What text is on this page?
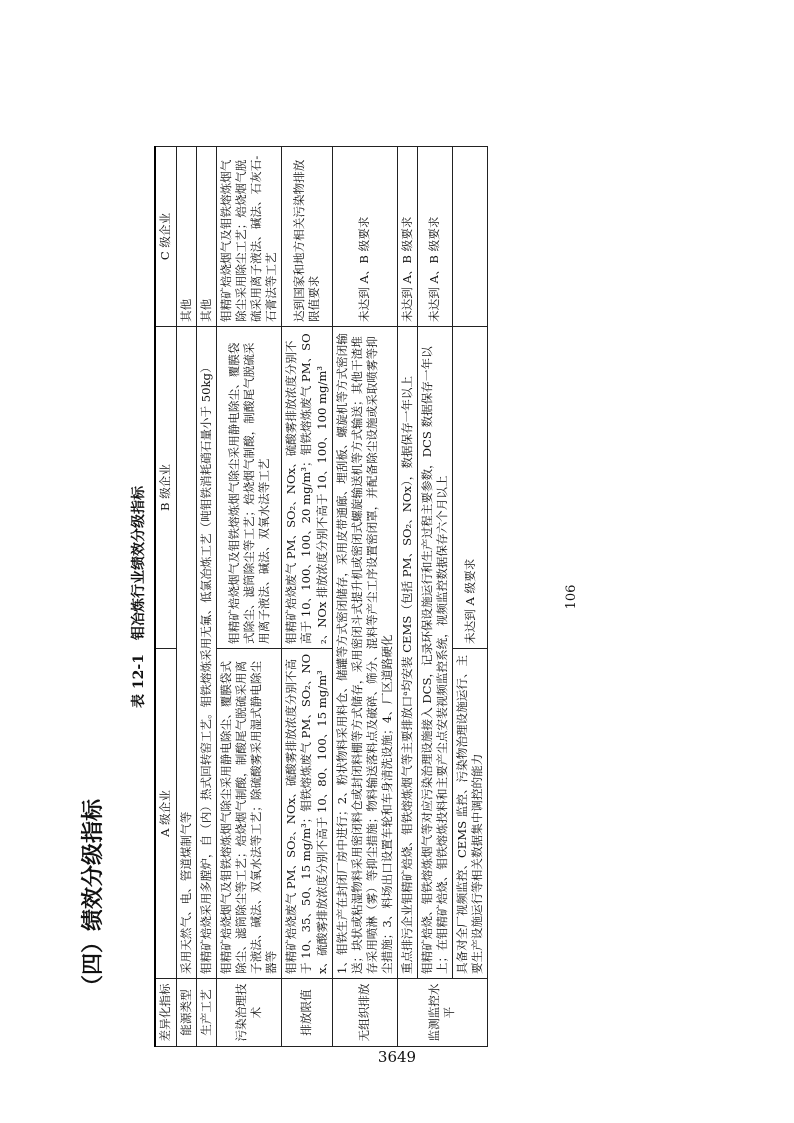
（四）绩效分级指标
表 12-1　钼冶炼行业绩效分级指标
差异化指标	A 级企业	B 级企业	C 级企业
能源类型	采用天然气、电、管道煤制气等		其他
生产工艺	钼精矿焙烧采用多膛炉，自（内）热式回转窑工艺。钼铁熔炼采用无氟、低氯冶炼工艺（吨钼铁消耗硝石量小于 50kg）		其他
污染治理技术	钼精矿焙烧烟气及钼铁熔炼烟气除尘采用静电除尘、覆膜袋式除尘、滤筒除尘等工艺；焙烧烟气制酸，制酸尾气脱硫采用离子液法、碱法、双氧水法等工艺；除硫酸雾采用湿式静电除尘器等	钼精矿焙烧烟气及钼铁熔炼烟气除尘采用静电除尘、覆膜袋式除尘、滤筒除尘等工艺；焙烧烟气制酸，制酸尾气脱硫采用离子液法、碱法、双氧水法等工艺	钼精矿焙烧烟气及钼铁熔炼烟气除尘采用除尘工艺；焙烧烟气脱硫采用离子液法、碱法、石灰石-石膏法等工艺
排放限值	钼精矿焙烧废气 PM、SO₂、NOx、硫酸雾排放浓度分别不高于 10、35、50、15 mg/m³；钼铁熔炼废气 PM、SO₂、NOx、硫酸雾排放浓度分别不高于 10、80、100、15 mg/m³	钼精矿焙烧废气 PM、SO₂、NOx、硫酸雾排放浓度分别不高于 10、100、100、20 mg/m³；钼铁熔炼废气 PM、SO₂、NOx 排放浓度分别不高于 10、100、100 mg/m³	达到国家和地方相关污染物排放限值要求
无组织排放	1、钼铁生产在封闭厂房中进行；2、粉状物料采用料仓、储罐等方式密闭储存，采用皮带通廊、埋刮板、螺旋机等方式密闭输送；块状或粘湿物料采用密闭料仓或封闭料棚等方式储存，采用密闭斗式提升机或密闭式螺旋输送机等方式输送；其他干渣堆存采用喷淋（雾）等抑尘措施；物料输送落料点及破碎、筛分、混料等产尘工序设置密闭罩，并配备除尘设施或采取喷雾等抑尘措施；3、料场出口设置车轮和车身清洗设施；4、厂区道路硬化		未达到 A、B 级要求
监测监控水平	重点排污企业钼精矿焙烧、钼铁熔炼烟气等主要排放口ᵃ均安装 CEMS（包括 PM、SO₂、NOx），数据保存一年以上		未达到 A、B 级要求
	钼精矿焙烧、钼铁熔炼烟气等对应污染治理设施接入 DCS，记录环保设施运行和生产过程主要参数，DCS 数据保存一年以上；在钼精矿焙烧、钼铁熔炼投料和主要产尘点安装视频监控系统，视频监控数据保存六个月以上		未达到 A、B 级要求
	具备对全厂视频监控、CEMS 监控、污染物治理设施运行、主要生产设施运行等相关数据集中调控的能力	未达到 A 级要求		106
3649
